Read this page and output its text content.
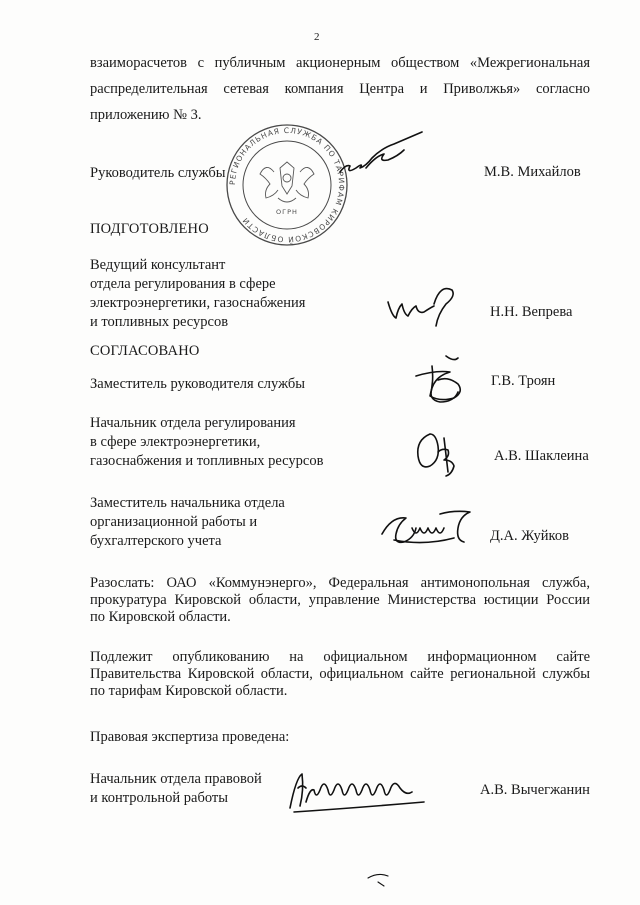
2
взаиморасчетов с публичным акционерным обществом «Межрегиональная
распределительная сетевая компания Центра и Приволжья» согласно
приложению № 3.
Руководитель службы	М.В. Михайлов
РЕГИОНАЛЬНАЯ СЛУЖБА ПО ТАРИФАМ КИРОВСКОЙ ОБЛАСТИ
ОГРН
ПОДГОТОВЛЕНО
Ведущий консультант
отдела регулирования в сфере
электроэнергетики, газоснабжения
и топливных ресурсов
Н.Н. Вепрева
СОГЛАСОВАНО
Заместитель руководителя службы	Г.В. Троян
Начальник отдела регулирования
в сфере электроэнергетики,
газоснабжения и топливных ресурсов	А.В. Шаклеина
Заместитель начальника отдела
организационной работы и
бухгалтерского учета	Д.А. Жуйков
Разослать: ОАО «Коммунэнерго», Федеральная антимонопольная служба,
прокуратура Кировской области, управление Министерства юстиции России
по Кировской области.
Подлежит опубликованию на официальном информационном сайте
Правительства Кировской области, официальном сайте региональной службы
по тарифам Кировской области.
Правовая экспертиза проведена:
Начальник отдела правовой
и контрольной работы	А.В. Вычегжанин
